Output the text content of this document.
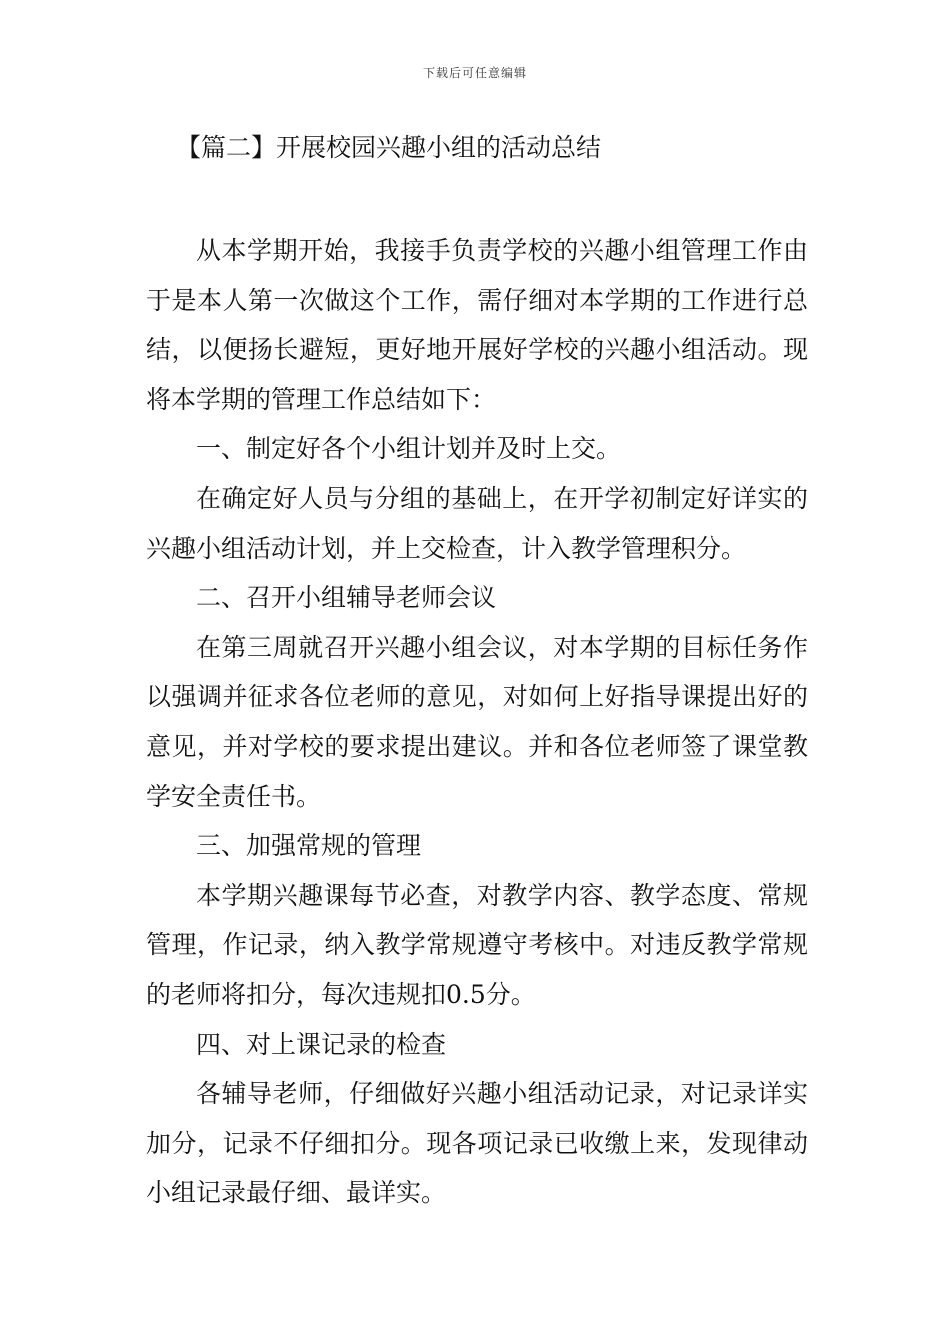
下载后可任意编辑
【篇二】开展校园兴趣小组的活动总结

从本学期开始，我接手负责学校的兴趣小组管理工作由于是本人第一次做这个工作，需仔细对本学期的工作进行总结，以便扬长避短，更好地开展好学校的兴趣小组活动。现将本学期的管理工作总结如下：

一、制定好各个小组计划并及时上交。

在确定好人员与分组的基础上，在开学初制定好详实的兴趣小组活动计划，并上交检查，计入教学管理积分。

二、召开小组辅导老师会议

在第三周就召开兴趣小组会议，对本学期的目标任务作以强调并征求各位老师的意见，对如何上好指导课提出好的意见，并对学校的要求提出建议。并和各位老师签了课堂教学安全责任书。

三、加强常规的管理

本学期兴趣课每节必查，对教学内容、教学态度、常规管理，作记录，纳入教学常规遵守考核中。对违反教学常规的老师将扣分，每次违规扣0.5分。

四、对上课记录的检查

各辅导老师，仔细做好兴趣小组活动记录，对记录详实加分，记录不仔细扣分。现各项记录已收缴上来，发现律动小组记录最仔细、最详实。
